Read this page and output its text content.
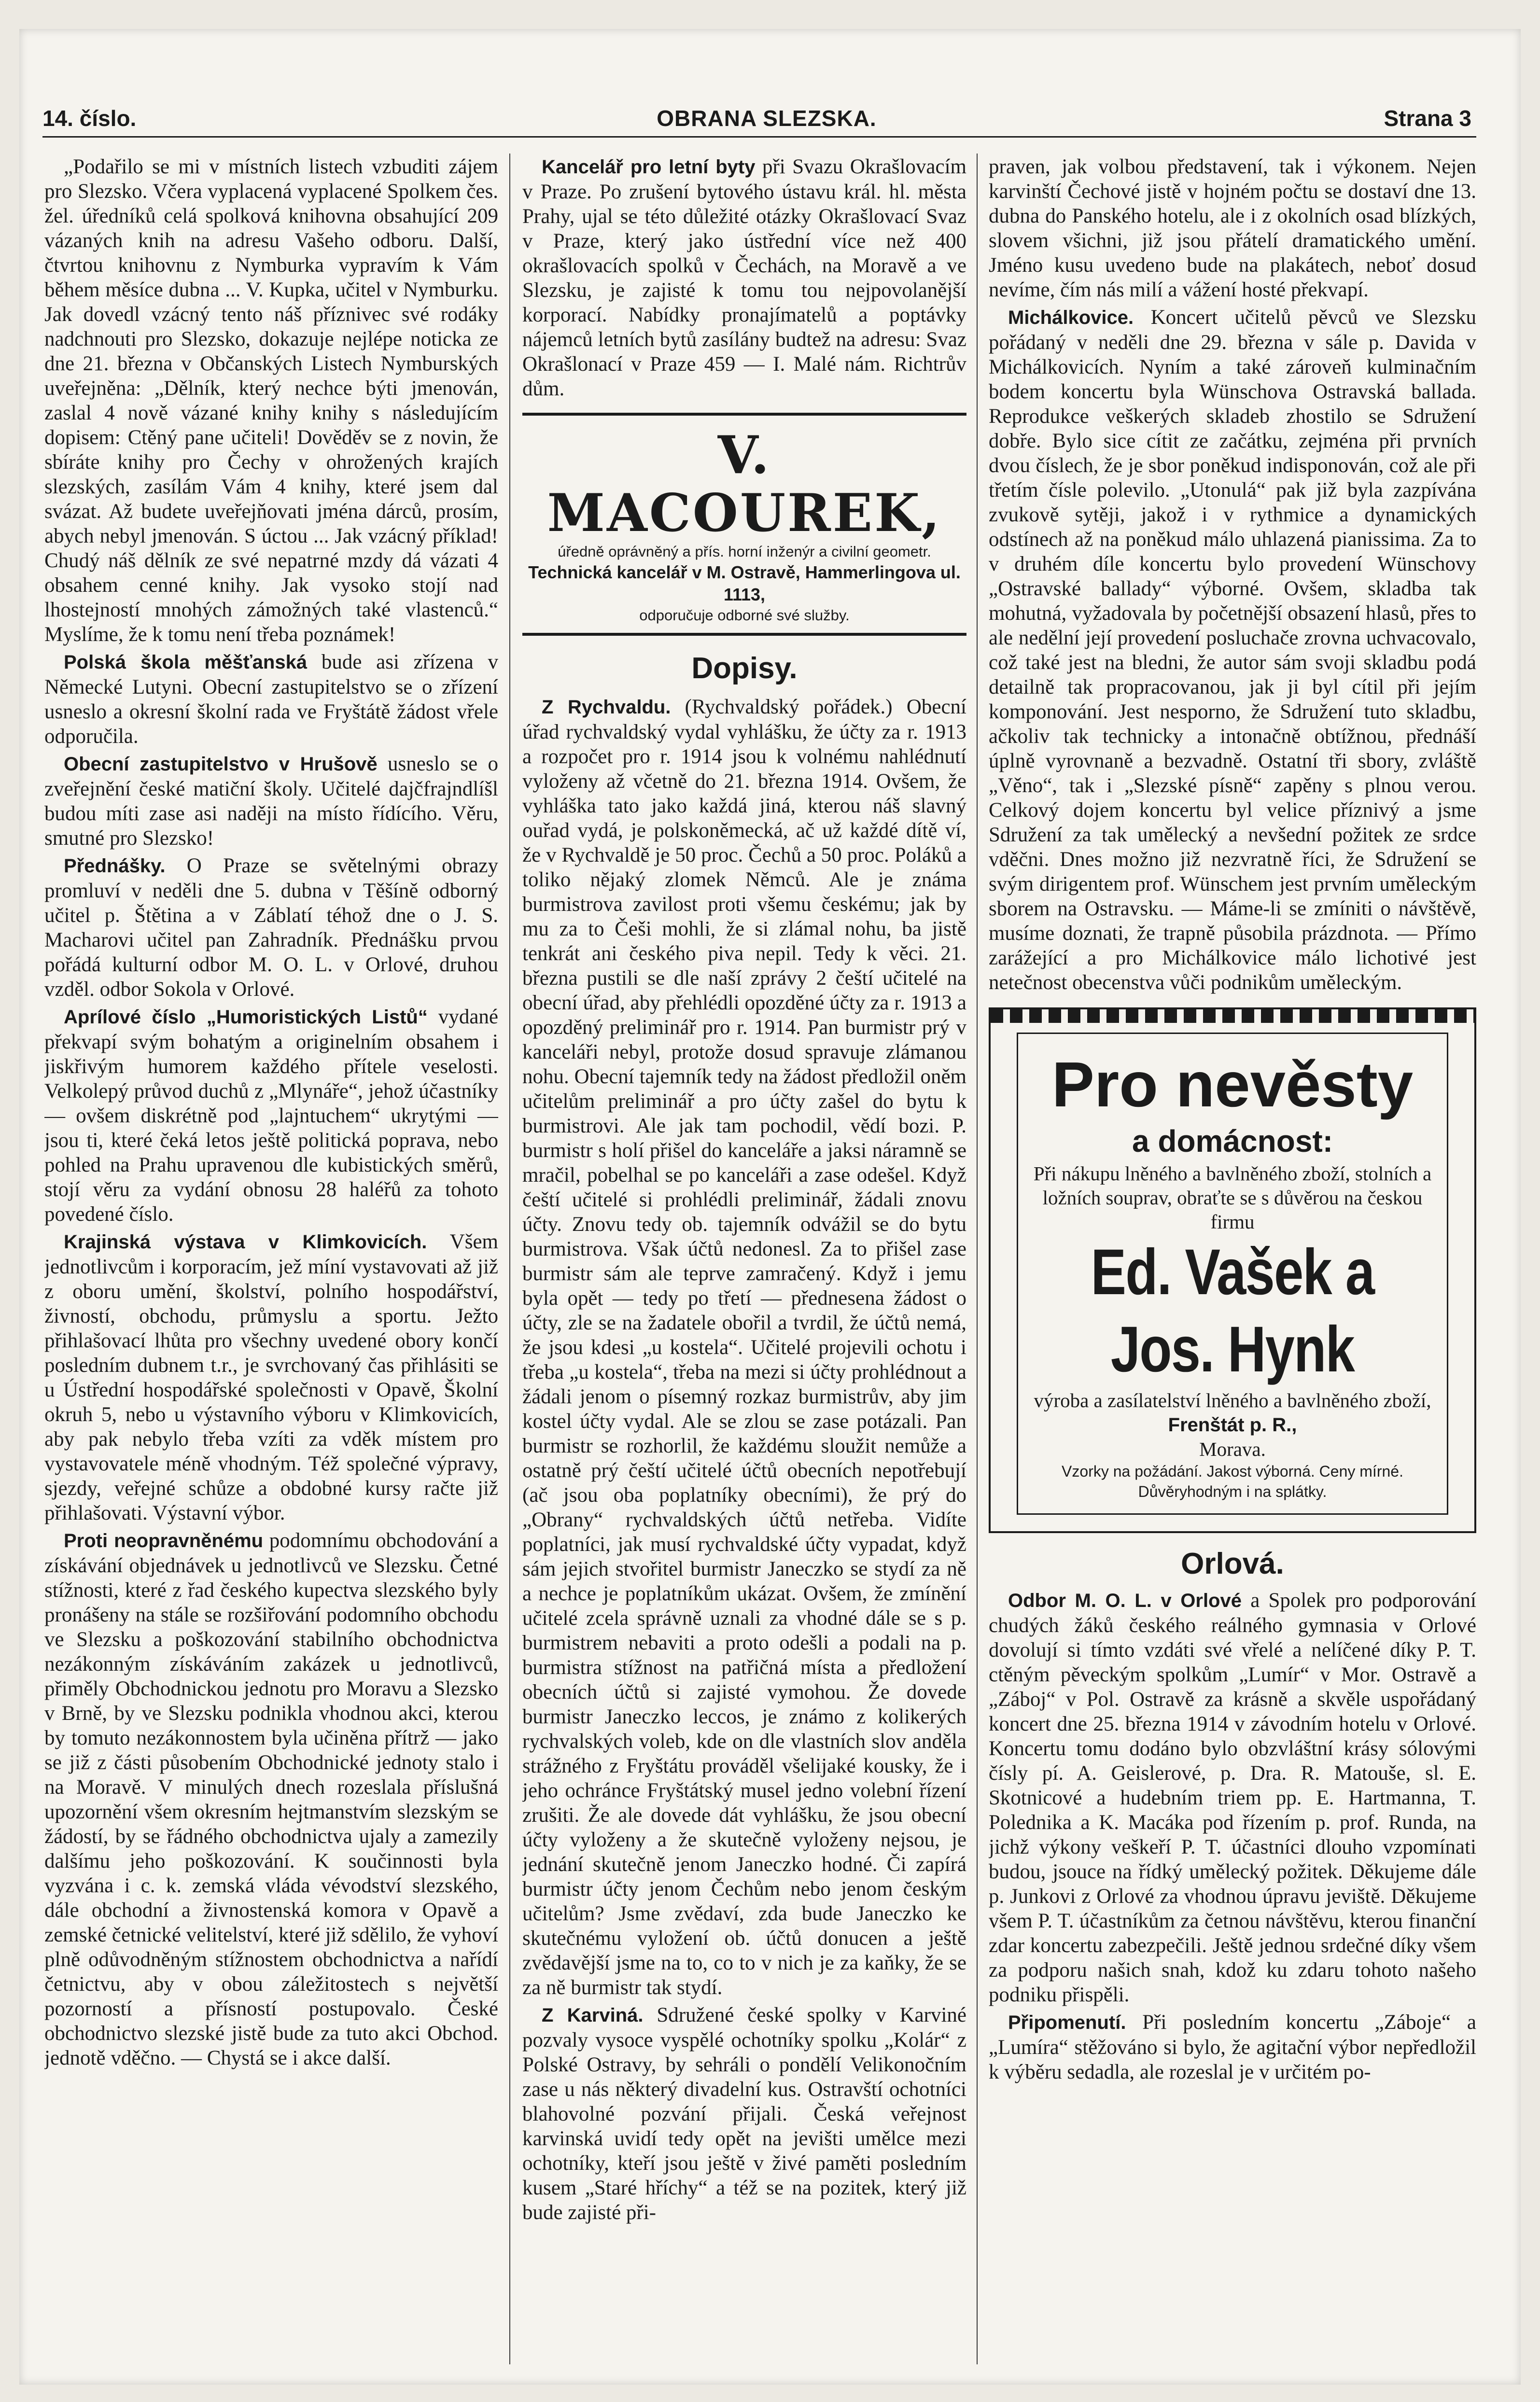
14. číslo.	OBRANA SLEZSKA.	Strana 3

„Podařilo se mi v místních listech vzbuditi zájem pro Slezsko. Včera vyplacená vyplacené Spolkem čes. žel. úředníků celá spolková knihovna obsahující 209 vázaných knih na adresu Vašeho odboru. Další, čtvrtou knihovnu z Nymburka vypravím k Vám během měsíce dubna ... V. Kupka, učitel v Nymburku. Jak dovedl vzácný tento náš příznivec své rodáky nadchnouti pro Slezsko, dokazuje nejlépe noticka ze dne 21. března v Občanských Listech Nymburských uveřejněna: „Dělník, který nechce býti jmenován, zaslal 4 nově vázané knihy knihy s následujícím dopisem: Ctěný pane učiteli! Dověděv se z novin, že sbíráte knihy pro Čechy v ohrožených krajích slezských, zasílám Vám 4 knihy, které jsem dal svázat. Až budete uveřejňovati jména dárců, prosím, abych nebyl jmenován. S úctou ... Jak vzácný příklad! Chudý náš dělník ze své nepatrné mzdy dá vázati 4 obsahem cenné knihy. Jak vysoko stojí nad lhostejností mnohých zámožných také vlastenců.“ Myslíme, že k tomu není třeba poznámek!

Polská škola měšťanská bude asi zřízena v Německé Lutyni. Obecní zastupitelstvo se o zřízení usneslo a okresní školní rada ve Fryštátě žádost vřele odporučila.

Obecní zastupitelstvo v Hrušově usneslo se o zveřejnění české matiční školy. Učitelé dajčfrajndlíšl budou míti zase asi naději na místo řídícího. Věru, smutné pro Slezsko!

Přednášky. O Praze se světelnými obrazy promluví v neděli dne 5. dubna v Těšíně odborný učitel p. Štětina a v Záblatí téhož dne o J. S. Macharovi učitel pan Zahradník. Přednášku prvou pořádá kulturní odbor M. O. L. v Orlové, druhou vzděl. odbor Sokola v Orlové.

Aprílové číslo „Humoristických Listů“ vydané překvapí svým bohatým a originelním obsahem i jiskřivým humorem každého přítele veselosti. Velkolepý průvod duchů z „Mlynáře“, jehož účastníky — ovšem diskrétně pod „lajntuchem“ ukrytými — jsou ti, které čeká letos ještě politická poprava, nebo pohled na Prahu upravenou dle kubistických směrů, stojí věru za vydání obnosu 28 haléřů za tohoto povedené číslo.

Krajinská výstava v Klimkovicích. Všem jednotlivcům i korporacím, jež míní vystavovati až již z oboru umění, školství, polního hospodářství, živností, obchodu, průmyslu a sportu. Ježto přihlašovací lhůta pro všechny uvedené obory končí posledním dubnem t.r., je svrchovaný čas přihlásiti se u Ústřední hospodářské společnosti v Opavě, Školní okruh 5, nebo u výstavního výboru v Klimkovicích, aby pak nebylo třeba vzíti za vděk místem pro vystavovatele méně vhodným. Též společné výpravy, sjezdy, veřejné schůze a obdobné kursy račte již přihlašovati. Výstavní výbor.

Proti neopravněnému podomnímu obchodování a získávání objednávek u jednotlivců ve Slezsku. Četné stížnosti, které z řad českého kupectva slezského byly pronášeny na stále se rozšiřování podomního obchodu ve Slezsku a poškozování stabilního obchodnictva nezákonným získáváním zakázek u jednotlivců, přiměly Obchodnickou jednotu pro Moravu a Slezsko v Brně, by ve Slezsku podnikla vhodnou akci, kterou by tomuto nezákonnostem byla učiněna přítrž — jako se již z části působením Obchodnické jednoty stalo i na Moravě. V minulých dnech rozeslala příslušná upozornění všem okresním hejtmanstvím slezským se žádostí, by se řádného obchodnictva ujaly a zamezily dalšímu jeho poškozování. K součinnosti byla vyzvána i c. k. zemská vláda vévodství slezského, dále obchodní a živnostenská komora v Opavě a zemské četnické velitelství, které již sdělilo, že vyhoví plně odůvodněným stížnostem obchodnictva a nařídí četnictvu, aby v obou záležitostech s největší pozorností a přísností postupovalo. České obchodnictvo slezské jistě bude za tuto akci Obchod. jednotě vděčno. — Chystá se i akce další.

Kancelář pro letní byty při Svazu Okrašlovacím v Praze. Po zrušení bytového ústavu král. hl. města Prahy, ujal se této důležité otázky Okrašlovací Svaz v Praze, který jako ústřední více než 400 okrašlovacích spolků v Čechách, na Moravě a ve Slezsku, je zajisté k tomu tou nejpovolanější korporací. Nabídky pronajímatelů a poptávky nájemců letních bytů zasílány budtež na adresu: Svaz Okrašlonací v Praze 459 — I. Malé nám. Richtrův dům.

V. MACOUREK,
úředně oprávněný a přís. horní inženýr a civilní geometr.
Technická kancelář v M. Ostravě, Hammerlingova ul. 1113,
odporučuje odborné své služby.
Dopisy.

Z Rychvaldu. (Rychvaldský pořádek.) Obecní úřad rychvaldský vydal vyhlášku, že účty za r. 1913 a rozpočet pro r. 1914 jsou k volnému nahlédnutí vyloženy až včetně do 21. března 1914. Ovšem, že vyhláška tato jako každá jiná, kterou náš slavný ouřad vydá, je polskoněmecká, ač už každé dítě ví, že v Rychvaldě je 50 proc. Čechů a 50 proc. Poláků a toliko nějaký zlomek Němců. Ale je známa burmistrova zavilost proti všemu českému; jak by mu za to Češi mohli, že si zlámal nohu, ba jistě tenkrát ani českého piva nepil. Tedy k věci. 21. března pustili se dle naší zprávy 2 čeští učitelé na obecní úřad, aby přehlédli opozděné účty za r. 1913 a opozděný preliminář pro r. 1914. Pan burmistr prý v kanceláři nebyl, protože dosud spravuje zlámanou nohu. Obecní tajemník tedy na žádost předložil oněm učitelům preliminář a pro účty zašel do bytu k burmistrovi. Ale jak tam pochodil, vědí bozi. P. burmistr s holí přišel do kanceláře a jaksi náramně se mračil, pobelhal se po kanceláři a zase odešel. Když čeští učitelé si prohlédli preliminář, žádali znovu účty. Znovu tedy ob. tajemník odvážil se do bytu burmistrova. Však účtů nedonesl. Za to přišel zase burmistr sám ale teprve zamračený. Když i jemu byla opět — tedy po třetí — přednesena žádost o účty, zle se na žadatele obořil a tvrdil, že účtů nemá, že jsou kdesi „u kostela“. Učitelé projevili ochotu i třeba „u kostela“, třeba na mezi si účty prohlédnout a žádali jenom o písemný rozkaz burmistrův, aby jim kostel účty vydal. Ale se zlou se zase potázali. Pan burmistr se rozhorlil, že každému sloužit nemůže a ostatně prý čeští učitelé účtů obecních nepotřebují (ač jsou oba poplatníky obecními), že prý do „Obrany“ rychvaldských účtů netřeba. Vidíte poplatníci, jak musí rychvaldské účty vypadat, když sám jejich stvořitel burmistr Janeczko se stydí za ně a nechce je poplatníkům ukázat. Ovšem, že zmínění učitelé zcela správně uznali za vhodné dále se s p. burmistrem nebaviti a proto odešli a podali na p. burmistra stížnost na patřičná místa a předložení obecních účtů si zajisté vymohou. Že dovede burmistr Janeczko leccos, je známo z kolikerých rychvalských voleb, kde on dle vlastních slov anděla strážného z Fryštátu prováděl všelijaké kousky, že i jeho ochránce Fryštátský musel jedno volební řízení zrušiti. Že ale dovede dát vyhlášku, že jsou obecní účty vyloženy a že skutečně vyloženy nejsou, je jednání skutečně jenom Janeczko hodné. Či zapírá burmistr účty jenom Čechům nebo jenom českým učitelům? Jsme zvědaví, zda bude Janeczko ke skutečnému vyložení ob. účtů donucen a ještě zvědavější jsme na to, co to v nich je za kaňky, že se za ně burmistr tak stydí.

Z Karviná. Sdružené české spolky v Karviné pozvaly vysoce vyspělé ochotníky spolku „Kolár“ z Polské Ostravy, by sehráli o pondělí Velikonočním zase u nás některý divadelní kus. Ostravští ochotníci blahovolné pozvání přijali. Česká veřejnost karvinská uvidí tedy opět na jevišti umělce mezi ochotníky, kteří jsou ještě v živé paměti posledním kusem „Staré hříchy“ a též se na pozitek, který již bude zajisté při-

praven, jak volbou představení, tak i výkonem. Nejen karvinští Čechové jistě v hojném počtu se dostaví dne 13. dubna do Panského hotelu, ale i z okolních osad blízkých, slovem všichni, již jsou přátelí dramatického umění. Jméno kusu uvedeno bude na plakátech, neboť dosud nevíme, čím nás milí a vážení hosté překvapí.

Michálkovice. Koncert učitelů pěvců ve Slezsku pořádaný v neděli dne 29. března v sále p. Davida v Michálkovicích. Nyním a také zároveň kulminačním bodem koncertu byla Wünschova Ostravská ballada. Reprodukce veškerých skladeb zhostilo se Sdružení dobře. Bylo sice cítit ze začátku, zejména při prvních dvou číslech, že je sbor poněkud indisponován, což ale při třetím čísle polevilo. „Utonulá“ pak již byla zazpívána zvukově sytěji, jakož i v rythmice a dynamických odstínech až na poněkud málo uhlazená pianissima. Za to v druhém díle koncertu bylo provedení Wünschovy „Ostravské ballady“ výborné. Ovšem, skladba tak mohutná, vyžadovala by početnější obsazení hlasů, přes to ale nedělní její provedení posluchače zrovna uchvacovalo, což také jest na bledni, že autor sám svoji skladbu podá detailně tak propracovanou, jak ji byl cítil při jejím komponování. Jest nesporno, že Sdružení tuto skladbu, ačkoliv tak technicky a intonačně obtížnou, přednáší úplně vyrovnaně a bezvadně. Ostatní tři sbory, zvláště „Věno“, tak i „Slezské písně“ zapěny s plnou verou. Celkový dojem koncertu byl velice příznivý a jsme Sdružení za tak umělecký a nevšední požitek ze srdce vděčni. Dnes možno již nezvratně říci, že Sdružení se svým dirigentem prof. Wünschem jest prvním uměleckým sborem na Ostravsku. — Máme-li se zmíniti o návštěvě, musíme doznati, že trapně působila prázdnota. — Přímo zarážející a pro Michálkovice málo lichotivé jest netečnost obecenstva vůči podnikům uměleckým.

Pro nevěsty
a domácnost:
Při nákupu lněného a bavlněného zboží, stolních a ložních souprav, obraťte se s důvěrou na českou firmu
Ed. Vašek a Jos. Hynk
výroba a zasílatelství lněného a bavlněného zboží, Frenštát p. R.,
Morava.
Vzorky na požádání. Jakost výborná. Ceny mírné. Důvěryhodným i na splátky.
Orlová.

Odbor M. O. L. v Orlové a Spolek pro podporování chudých žáků českého reálného gymnasia v Orlové dovolují si tímto vzdáti své vřelé a nelíčené díky P. T. ctěným pěveckým spolkům „Lumír“ v Mor. Ostravě a „Záboj“ v Pol. Ostravě za krásně a skvěle uspořádaný koncert dne 25. března 1914 v závodním hotelu v Orlové. Koncertu tomu dodáno bylo obzvláštní krásy sólovými čísly pí. A. Geislerové, p. Dra. R. Matouše, sl. E. Skotnicové a hudebním triem pp. E. Hartmanna, T. Polednika a K. Macáka pod řízením p. prof. Runda, na jichž výkony veškeří P. T. účastníci dlouho vzpomínati budou, jsouce na řídký umělecký požitek. Děkujeme dále p. Junkovi z Orlové za vhodnou úpravu jeviště. Děkujeme všem P. T. účastníkům za četnou návštěvu, kterou finanční zdar koncertu zabezpečili. Ještě jednou srdečné díky všem za podporu našich snah, kdož ku zdaru tohoto našeho podniku přispěli.

Připomenutí. Při posledním koncertu „Záboje“ a „Lumíra“ stěžováno si bylo, že agitační výbor nepředložil k výběru sedadla, ale rozeslal je v určitém po-
